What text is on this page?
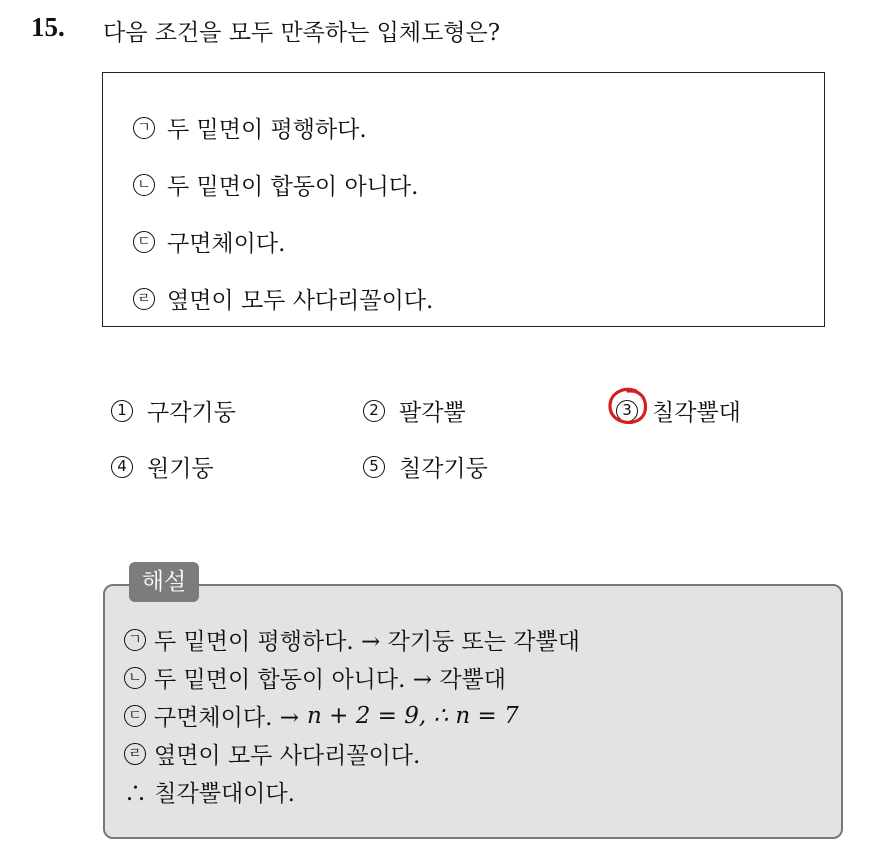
15. 다음 조건을 모두 만족하는 입체도형은?
ㄱ 두 밑면이 평행하다.
ㄴ 두 밑면이 합동이 아니다.
ㄷ 구면체이다.
ㄹ 옆면이 모두 사다리꼴이다.
1 구각기둥	2 팔각뿔	3 칠각뿔대
4 원기둥	5 칠각기둥
해설
ㄱ 두 밑면이 평행하다. → 각기둥 또는 각뿔대
ㄴ 두 밑면이 합동이 아니다. → 각뿔대
ㄷ 구면체이다. → n + 2 = 9, ∴ n = 7
ㄹ 옆면이 모두 사다리꼴이다.
∴ 칠각뿔대이다.
